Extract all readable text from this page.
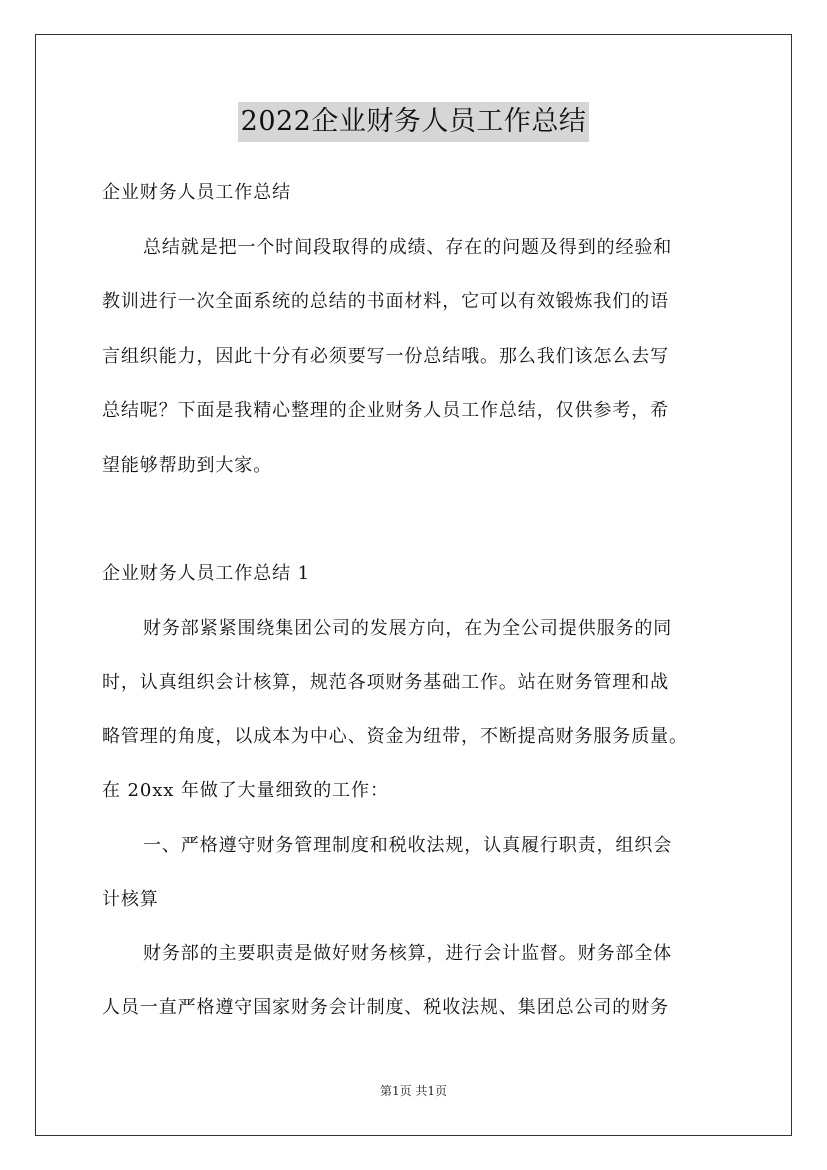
2022企业财务人员工作总结
企业财务人员工作总结
总结就是把一个时间段取得的成绩、存在的问题及得到的经验和
教训进行一次全面系统的总结的书面材料，它可以有效锻炼我们的语
言组织能力，因此十分有必须要写一份总结哦。那么我们该怎么去写
总结呢？下面是我精心整理的企业财务人员工作总结，仅供参考，希
望能够帮助到大家。
企业财务人员工作总结 1
财务部紧紧围绕集团公司的发展方向，在为全公司提供服务的同
时，认真组织会计核算，规范各项财务基础工作。站在财务管理和战
略管理的角度，以成本为中心、资金为纽带，不断提高财务服务质量。
在 20xx 年做了大量细致的工作：
一、严格遵守财务管理制度和税收法规，认真履行职责，组织会
计核算
财务部的主要职责是做好财务核算，进行会计监督。财务部全体
人员一直严格遵守国家财务会计制度、税收法规、集团总公司的财务
第1页 共1页
